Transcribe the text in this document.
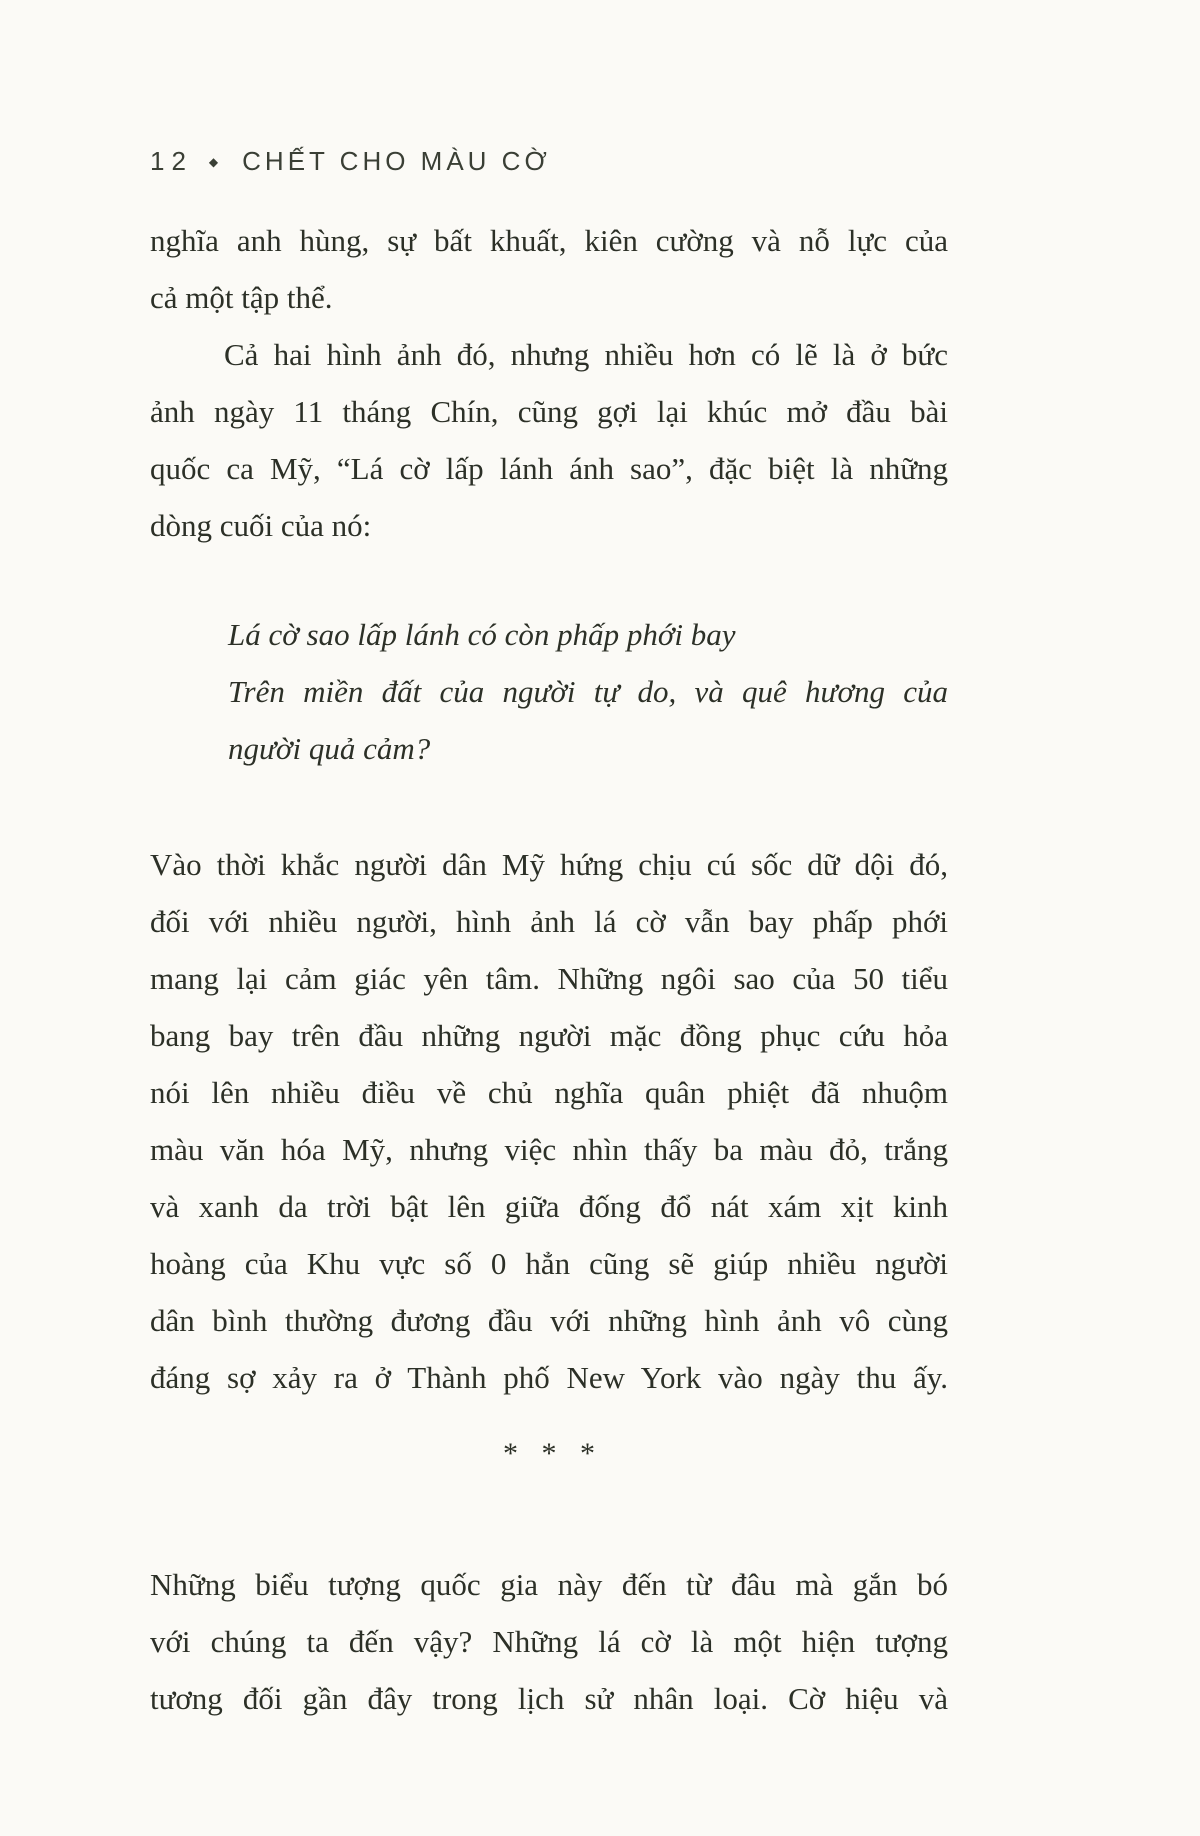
12 ◆ CHẾT CHO MÀU CỜ
nghĩa anh hùng, sự bất khuất, kiên cường và nỗ lực của
cả một tập thể.
Cả hai hình ảnh đó, nhưng nhiều hơn có lẽ là ở bức
ảnh ngày 11 tháng Chín, cũng gợi lại khúc mở đầu bài
quốc ca Mỹ, “Lá cờ lấp lánh ánh sao”, đặc biệt là những
dòng cuối của nó:
Lá cờ sao lấp lánh có còn phấp phới bay
Trên miền đất của người tự do, và quê hương của
người quả cảm?
Vào thời khắc người dân Mỹ hứng chịu cú sốc dữ dội đó,
đối với nhiều người, hình ảnh lá cờ vẫn bay phấp phới
mang lại cảm giác yên tâm. Những ngôi sao của 50 tiểu
bang bay trên đầu những người mặc đồng phục cứu hỏa
nói lên nhiều điều về chủ nghĩa quân phiệt đã nhuộm
màu văn hóa Mỹ, nhưng việc nhìn thấy ba màu đỏ, trắng
và xanh da trời bật lên giữa đống đổ nát xám xịt kinh
hoàng của Khu vực số 0 hẳn cũng sẽ giúp nhiều người
dân bình thường đương đầu với những hình ảnh vô cùng
đáng sợ xảy ra ở Thành phố New York vào ngày thu ấy.
* * *
Những biểu tượng quốc gia này đến từ đâu mà gắn bó
với chúng ta đến vậy? Những lá cờ là một hiện tượng
tương đối gần đây trong lịch sử nhân loại. Cờ hiệu và
